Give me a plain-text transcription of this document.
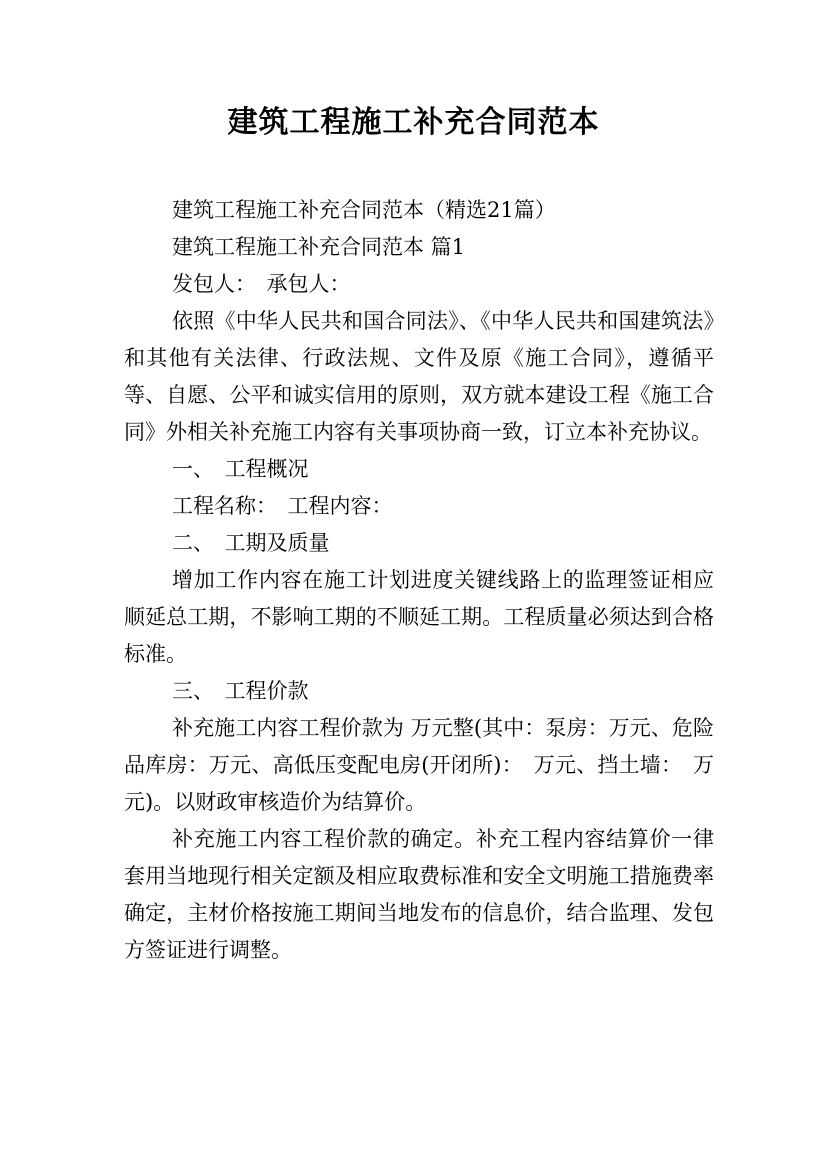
建筑工程施工补充合同范本

建筑工程施工补充合同范本（精选21篇）

建筑工程施工补充合同范本 篇1

发包人：　承包人：

依照《中华人民共和国合同法》、《中华人民共和国建筑法》和其他有关法律、行政法规、文件及原《施工合同》，遵循平等、自愿、公平和诚实信用的原则，双方就本建设工程《施工合同》外相关补充施工内容有关事项协商一致，订立本补充协议。

一、　工程概况

工程名称：　工程内容：

二、　工期及质量

增加工作内容在施工计划进度关键线路上的监理签证相应顺延总工期，不影响工期的不顺延工期。工程质量必须达到合格标准。

三、　工程价款

补充施工内容工程价款为 万元整(其中：泵房：万元、危险品库房：万元、高低压变配电房(开闭所)：　万元、挡土墙：　万元)。以财政审核造价为结算价。

补充施工内容工程价款的确定。补充工程内容结算价一律套用当地现行相关定额及相应取费标准和安全文明施工措施费率确定，主材价格按施工期间当地发布的信息价，结合监理、发包方签证进行调整。
